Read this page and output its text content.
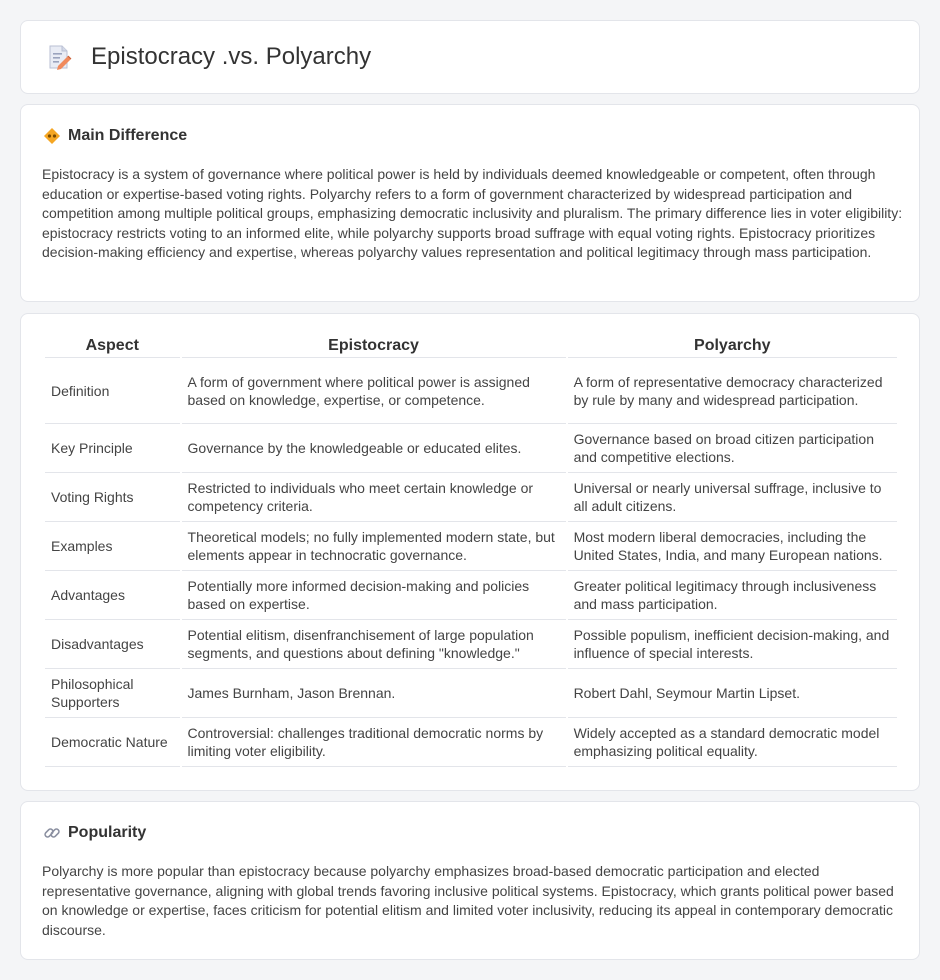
Epistocracy .vs. Polyarchy
Main Difference

Epistocracy is a system of governance where political power is held by individuals deemed knowledgeable or competent, often through education or expertise-based voting rights. Polyarchy refers to a form of government characterized by widespread participation and competition among multiple political groups, emphasizing democratic inclusivity and pluralism. The primary difference lies in voter eligibility: epistocracy restricts voting to an informed elite, while polyarchy supports broad suffrage with equal voting rights. Epistocracy prioritizes decision-making efficiency and expertise, whereas polyarchy values representation and political legitimacy through mass participation.

Aspect	Epistocracy	Polyarchy
Definition	A form of government where political power is assigned based on knowledge, expertise, or competence.	A form of representative democracy characterized by rule by many and widespread participation.
Key Principle	Governance by the knowledgeable or educated elites.	Governance based on broad citizen participation and competitive elections.
Voting Rights	Restricted to individuals who meet certain knowledge or competency criteria.	Universal or nearly universal suffrage, inclusive to all adult citizens.
Examples	Theoretical models; no fully implemented modern state, but elements appear in technocratic governance.	Most modern liberal democracies, including the United States, India, and many European nations.
Advantages	Potentially more informed decision-making and policies based on expertise.	Greater political legitimacy through inclusiveness and mass participation.
Disadvantages	Potential elitism, disenfranchisement of large population segments, and questions about defining "knowledge."	Possible populism, inefficient decision-making, and influence of special interests.
Philosophical Supporters	James Burnham, Jason Brennan.	Robert Dahl, Seymour Martin Lipset.
Democratic Nature	Controversial: challenges traditional democratic norms by limiting voter eligibility.	Widely accepted as a standard democratic model emphasizing political equality.
Popularity

Polyarchy is more popular than epistocracy because polyarchy emphasizes broad-based democratic participation and elected representative governance, aligning with global trends favoring inclusive political systems. Epistocracy, which grants political power based on knowledge or expertise, faces criticism for potential elitism and limited voter inclusivity, reducing its appeal in contemporary democratic discourse.
